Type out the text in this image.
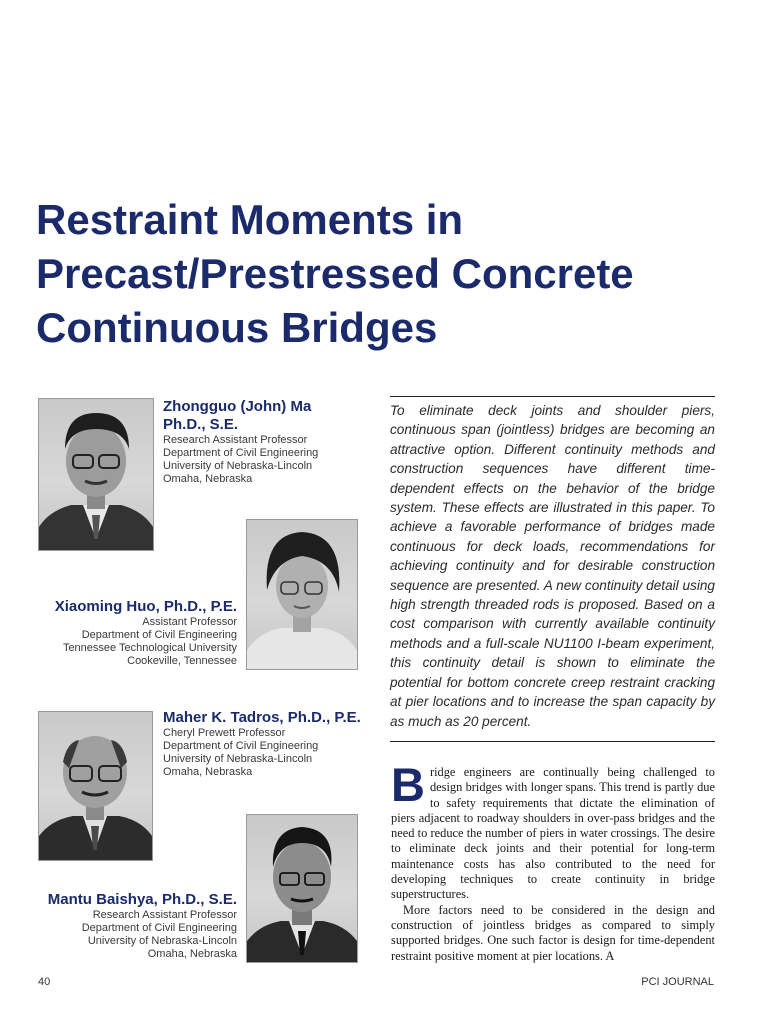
Restraint Moments in
Precast/Prestressed Concrete
Continuous Bridges
Zhongguo (John) Ma
Ph.D., S.E.
Research Assistant Professor
Department of Civil Engineering
University of Nebraska-Lincoln
Omaha, Nebraska
Xiaoming Huo, Ph.D., P.E.
Assistant Professor
Department of Civil Engineering
Tennessee Technological University
Cookeville, Tennessee
Maher K. Tadros, Ph.D., P.E.
Cheryl Prewett Professor
Department of Civil Engineering
University of Nebraska-Lincoln
Omaha, Nebraska
Mantu Baishya, Ph.D., S.E.
Research Assistant Professor
Department of Civil Engineering
University of Nebraska-Lincoln
Omaha, Nebraska

To eliminate deck joints and shoulder piers, continuous span (jointless) bridges are becoming an attractive option. Different continuity methods and construction sequences have different time-dependent effects on the behavior of the bridge system. These effects are illustrated in this paper. To achieve a favorable performance of bridges made continuous for deck loads, recommendations for achieving continuity and for desirable construction sequence are presented. A new continuity detail using high strength threaded rods is proposed. Based on a cost comparison with currently available continuity methods and a full-scale NU1100 I-beam experiment, this continuity detail is shown to eliminate the potential for bottom concrete creep restraint cracking at pier locations and to increase the span capacity by as much as 20 percent.

Bridge engineers are continually being challenged to design bridges with longer spans. This trend is partly due to safety requirements that dictate the elimination of piers adjacent to roadway shoulders in over-pass bridges and the need to reduce the number of piers in water crossings. The desire to eliminate deck joints and their potential for long-term maintenance costs has also contributed to the need for developing techniques to create continuity in bridge superstructures.

More factors need to be considered in the design and construction of jointless bridges as compared to simply supported bridges. One such factor is design for time-dependent restraint positive moment at pier locations. A

40	PCI JOURNAL
